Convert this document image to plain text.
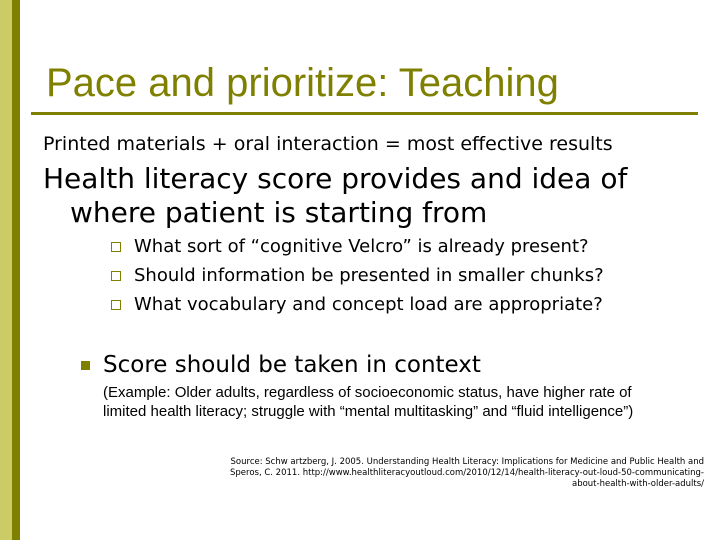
Pace and prioritize: Teaching
Printed materials + oral interaction = most effective results
Health literacy score provides and idea of
where patient is starting from
What sort of “cognitive Velcro” is already present?
Should information be presented in smaller chunks?
What vocabulary and concept load are appropriate?
Score should be taken in context
(Example: Older adults, regardless of socioeconomic status, have higher rate of limited health literacy; struggle with “mental multitasking” and “fluid intelligence”)
Source: Schw artzberg, J. 2005. Understanding Health Literacy: Implications for Medicine and Public Health and
Speros, C. 2011. http://www.healthliteracyoutloud.com/2010/12/14/health-literacy-out-loud-50-communicating-
about-health-with-older-adults/
